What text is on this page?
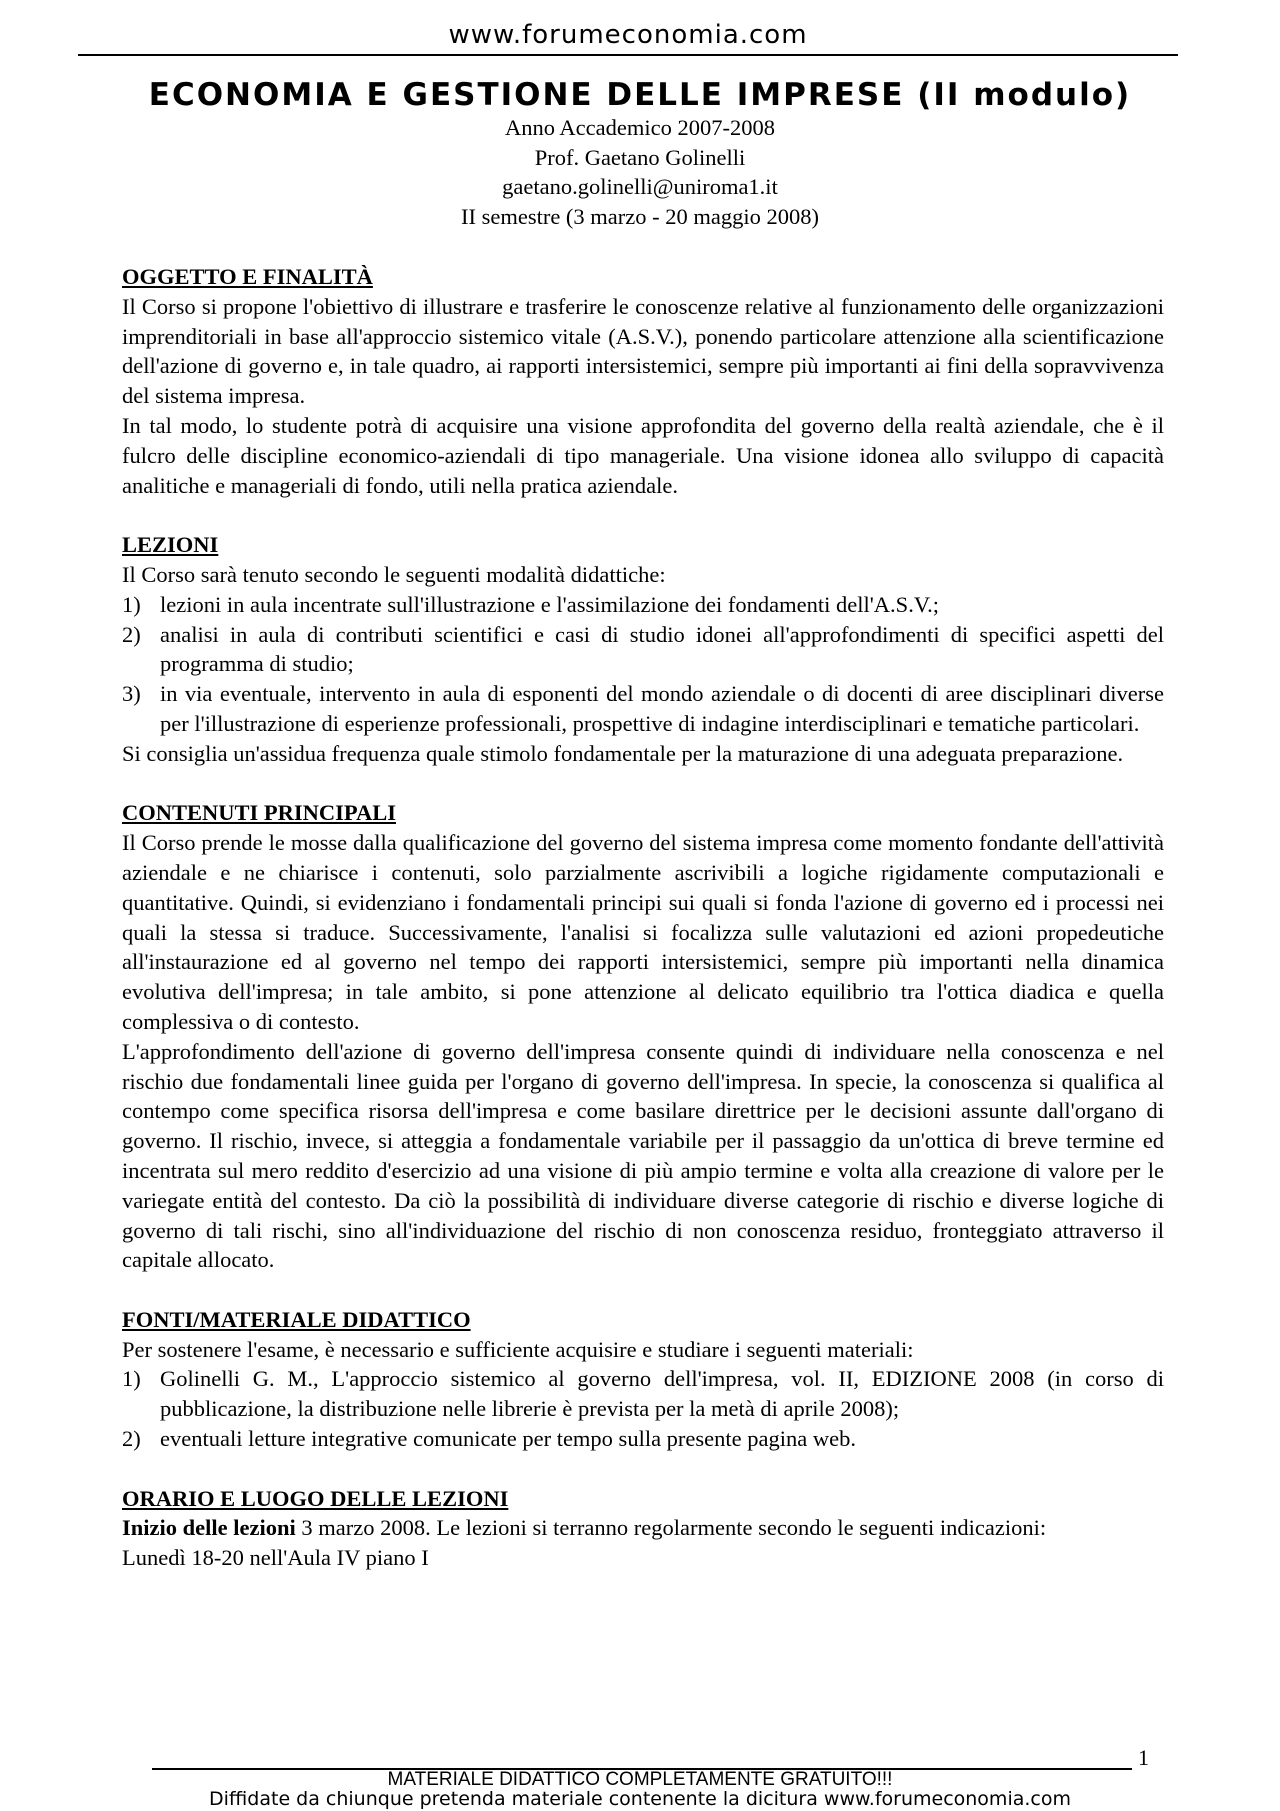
www.forumeconomia.com
ECONOMIA E GESTIONE DELLE IMPRESE (II modulo)
Anno Accademico 2007-2008
Prof. Gaetano Golinelli
gaetano.golinelli@uniroma1.it
II semestre (3 marzo - 20 maggio 2008)
OGGETTO E FINALITÀ

Il Corso si propone l'obiettivo di illustrare e trasferire le conoscenze relative al funzionamento delle organizzazioni imprenditoriali in base all'approccio sistemico vitale (A.S.V.), ponendo particolare attenzione alla scientificazione dell'azione di governo e, in tale quadro, ai rapporti intersistemici, sempre più importanti ai fini della sopravvivenza del sistema impresa.

In tal modo, lo studente potrà di acquisire una visione approfondita del governo della realtà aziendale, che è il fulcro delle discipline economico-aziendali di tipo manageriale. Una visione idonea allo sviluppo di capacità analitiche e manageriali di fondo, utili nella pratica aziendale.

LEZIONI

Il Corso sarà tenuto secondo le seguenti modalità didattiche:

1) lezioni in aula incentrate sull'illustrazione e l'assimilazione dei fondamenti dell'A.S.V.;
2) analisi in aula di contributi scientifici e casi di studio idonei all'approfondimenti di specifici aspetti del programma di studio;
3) in via eventuale, intervento in aula di esponenti del mondo aziendale o di docenti di aree disciplinari diverse per l'illustrazione di esperienze professionali, prospettive di indagine interdisciplinari e tematiche particolari.

Si consiglia un'assidua frequenza quale stimolo fondamentale per la maturazione di una adeguata preparazione.

CONTENUTI PRINCIPALI

Il Corso prende le mosse dalla qualificazione del governo del sistema impresa come momento fondante dell'attività aziendale e ne chiarisce i contenuti, solo parzialmente ascrivibili a logiche rigidamente computazionali e quantitative. Quindi, si evidenziano i fondamentali principi sui quali si fonda l'azione di governo ed i processi nei quali la stessa si traduce. Successivamente, l'analisi si focalizza sulle valutazioni ed azioni propedeutiche all'instaurazione ed al governo nel tempo dei rapporti intersistemici, sempre più importanti nella dinamica evolutiva dell'impresa; in tale ambito, si pone attenzione al delicato equilibrio tra l'ottica diadica e quella complessiva o di contesto.

L'approfondimento dell'azione di governo dell'impresa consente quindi di individuare nella conoscenza e nel rischio due fondamentali linee guida per l'organo di governo dell'impresa. In specie, la conoscenza si qualifica al contempo come specifica risorsa dell'impresa e come basilare direttrice per le decisioni assunte dall'organo di governo. Il rischio, invece, si atteggia a fondamentale variabile per il passaggio da un'ottica di breve termine ed incentrata sul mero reddito d'esercizio ad una visione di più ampio termine e volta alla creazione di valore per le variegate entità del contesto. Da ciò la possibilità di individuare diverse categorie di rischio e diverse logiche di governo di tali rischi, sino all'individuazione del rischio di non conoscenza residuo, fronteggiato attraverso il capitale allocato.

FONTI/MATERIALE DIDATTICO

Per sostenere l'esame, è necessario e sufficiente acquisire e studiare i seguenti materiali:

1) Golinelli G. M., L'approccio sistemico al governo dell'impresa, vol. II, EDIZIONE 2008 (in corso di pubblicazione, la distribuzione nelle librerie è prevista per la metà di aprile 2008);
2) eventuali letture integrative comunicate per tempo sulla presente pagina web.
ORARIO E LUOGO DELLE LEZIONI

Inizio delle lezioni 3 marzo 2008. Le lezioni si terranno regolarmente secondo le seguenti indicazioni:

Lunedì 18-20 nell'Aula IV piano I

1
MATERIALE DIDATTICO COMPLETAMENTE GRATUITO!!!
Diffidate da chiunque pretenda materiale contenente la dicitura www.forumeconomia.com
